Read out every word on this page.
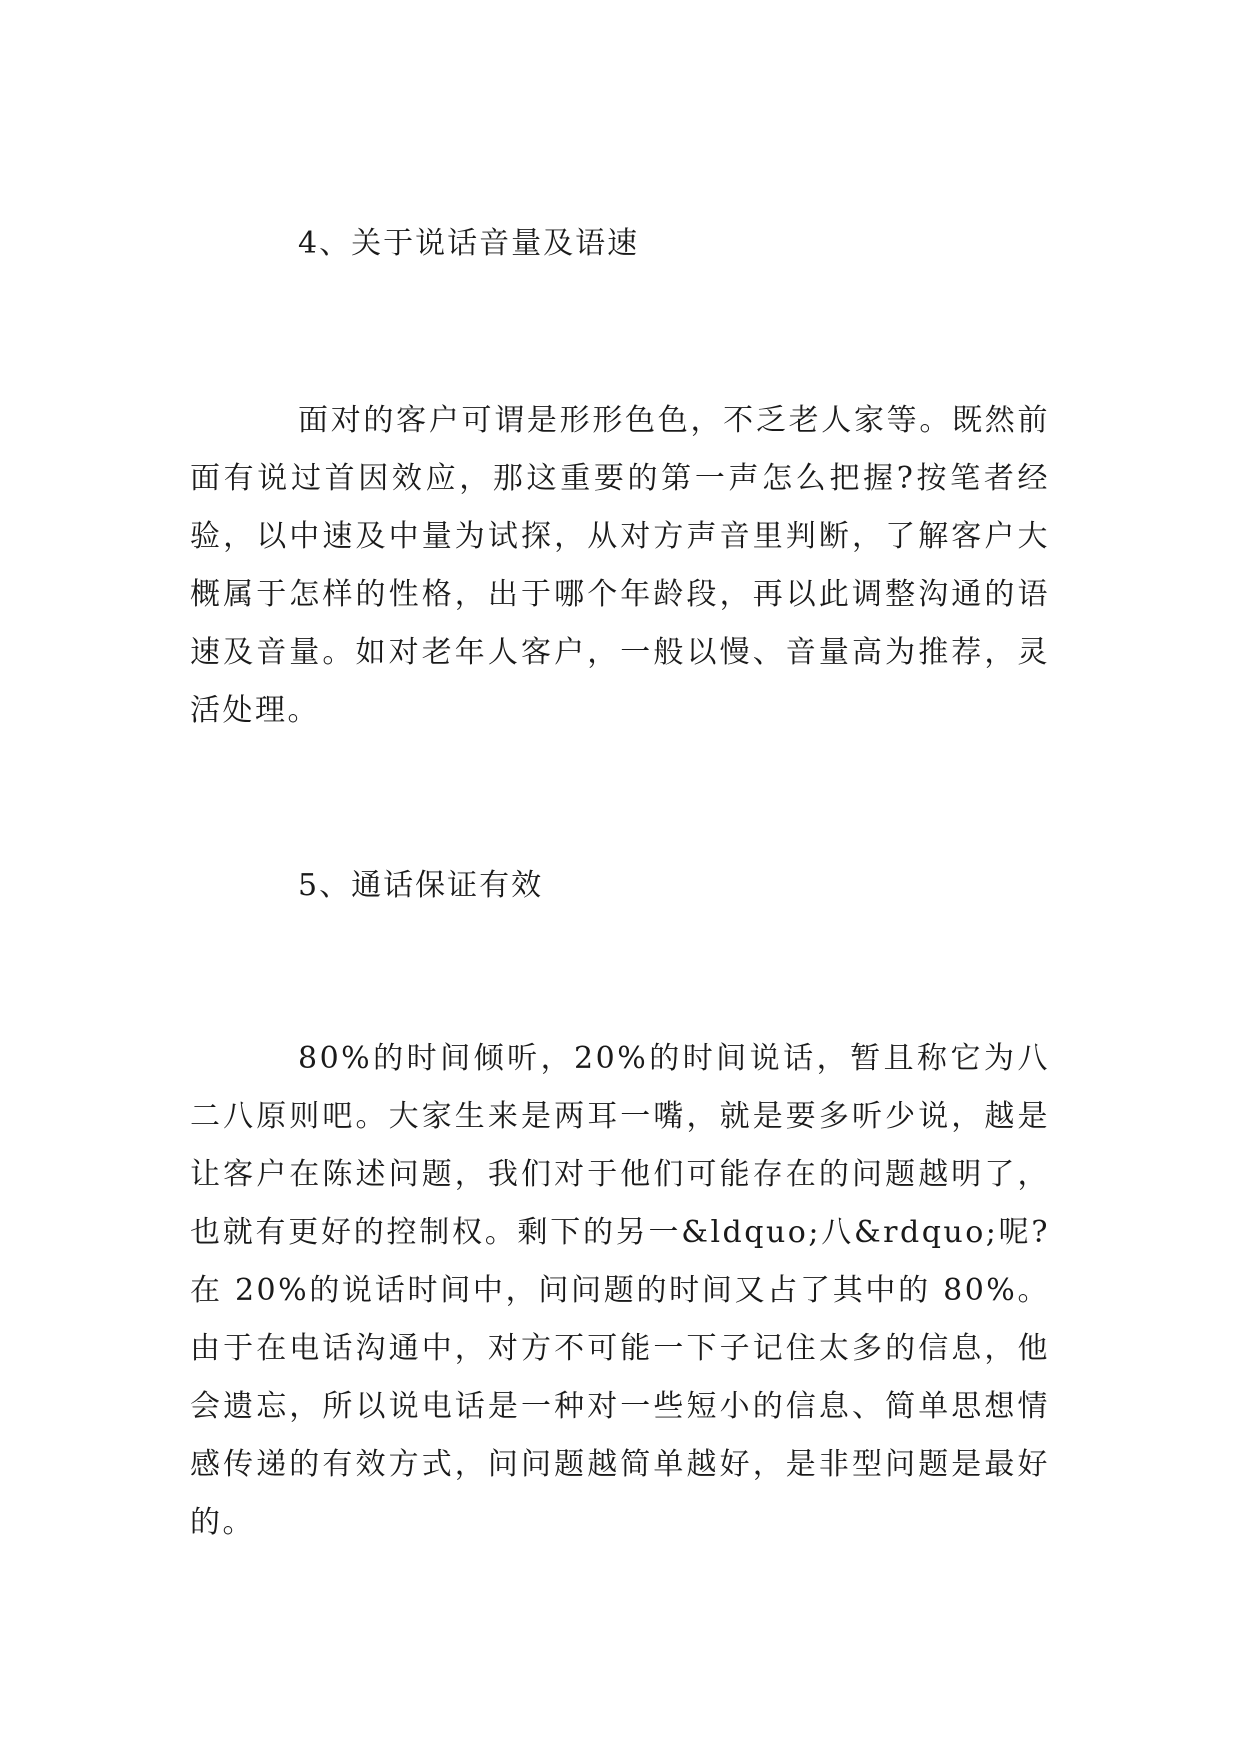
4、关于说话音量及语速
面对的客户可谓是形形色色，不乏老人家等。既然前面有说过首因效应，那这重要的第一声怎么把握?按笔者经验，以中速及中量为试探，从对方声音里判断，了解客户大概属于怎样的性格，出于哪个年龄段，再以此调整沟通的语速及音量。如对老年人客户，一般以慢、音量高为推荐，灵活处理。
5、通话保证有效
80%的时间倾听，20%的时间说话，暂且称它为八二八原则吧。大家生来是两耳一嘴，就是要多听少说，越是让客户在陈述问题，我们对于他们可能存在的问题越明了，也就有更好的控制权。剩下的另一&ldquo;八&rdquo;呢?在 20%的说话时间中，问问题的时间又占了其中的 80%。由于在电话沟通中，对方不可能一下子记住太多的信息，他会遗忘，所以说电话是一种对一些短小的信息、简单思想情感传递的有效方式，问问题越简单越好，是非型问题是最好的。
